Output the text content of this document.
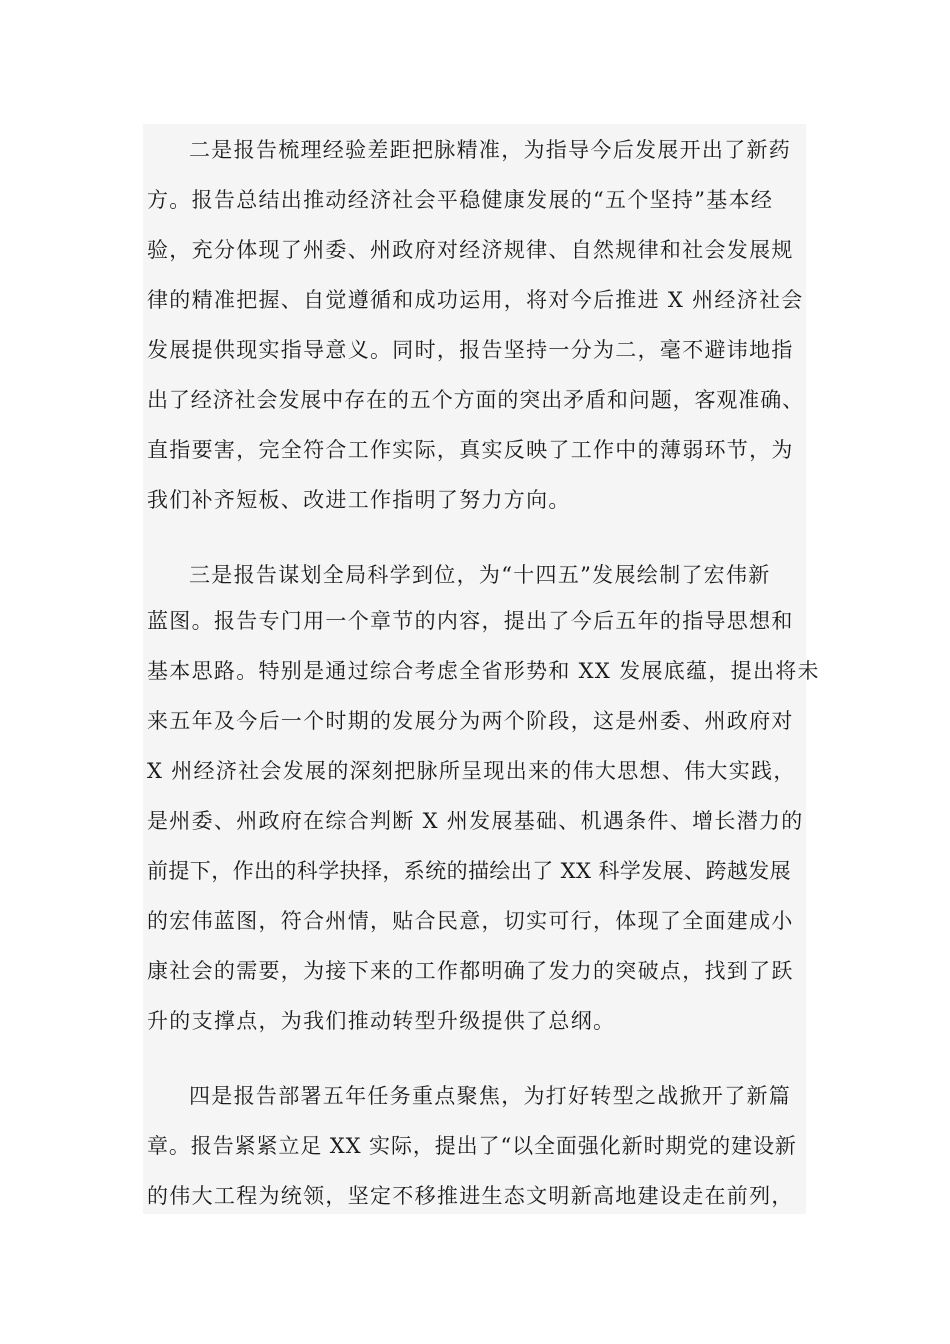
二是报告梳理经验差距把脉精准，为指导今后发展开出了新药
方。报告总结出推动经济社会平稳健康发展的“五个坚持”基本经
验，充分体现了州委、州政府对经济规律、自然规律和社会发展规
律的精准把握、自觉遵循和成功运用，将对今后推进 X 州经济社会
发展提供现实指导意义。同时，报告坚持一分为二，毫不避讳地指
出了经济社会发展中存在的五个方面的突出矛盾和问题，客观准确、
直指要害，完全符合工作实际，真实反映了工作中的薄弱环节，为
我们补齐短板、改进工作指明了努力方向。
三是报告谋划全局科学到位，为“十四五”发展绘制了宏伟新
蓝图。报告专门用一个章节的内容，提出了今后五年的指导思想和
基本思路。特别是通过综合考虑全省形势和 XX 发展底蕴，提出将未
来五年及今后一个时期的发展分为两个阶段，这是州委、州政府对
X 州经济社会发展的深刻把脉所呈现出来的伟大思想、伟大实践，
是州委、州政府在综合判断 X 州发展基础、机遇条件、增长潜力的
前提下，作出的科学抉择，系统的描绘出了 XX 科学发展、跨越发展
的宏伟蓝图，符合州情，贴合民意，切实可行，体现了全面建成小
康社会的需要，为接下来的工作都明确了发力的突破点，找到了跃
升的支撑点，为我们推动转型升级提供了总纲。
四是报告部署五年任务重点聚焦，为打好转型之战掀开了新篇
章。报告紧紧立足 XX 实际，提出了“以全面强化新时期党的建设新
的伟大工程为统领，坚定不移推进生态文明新高地建设走在前列，
